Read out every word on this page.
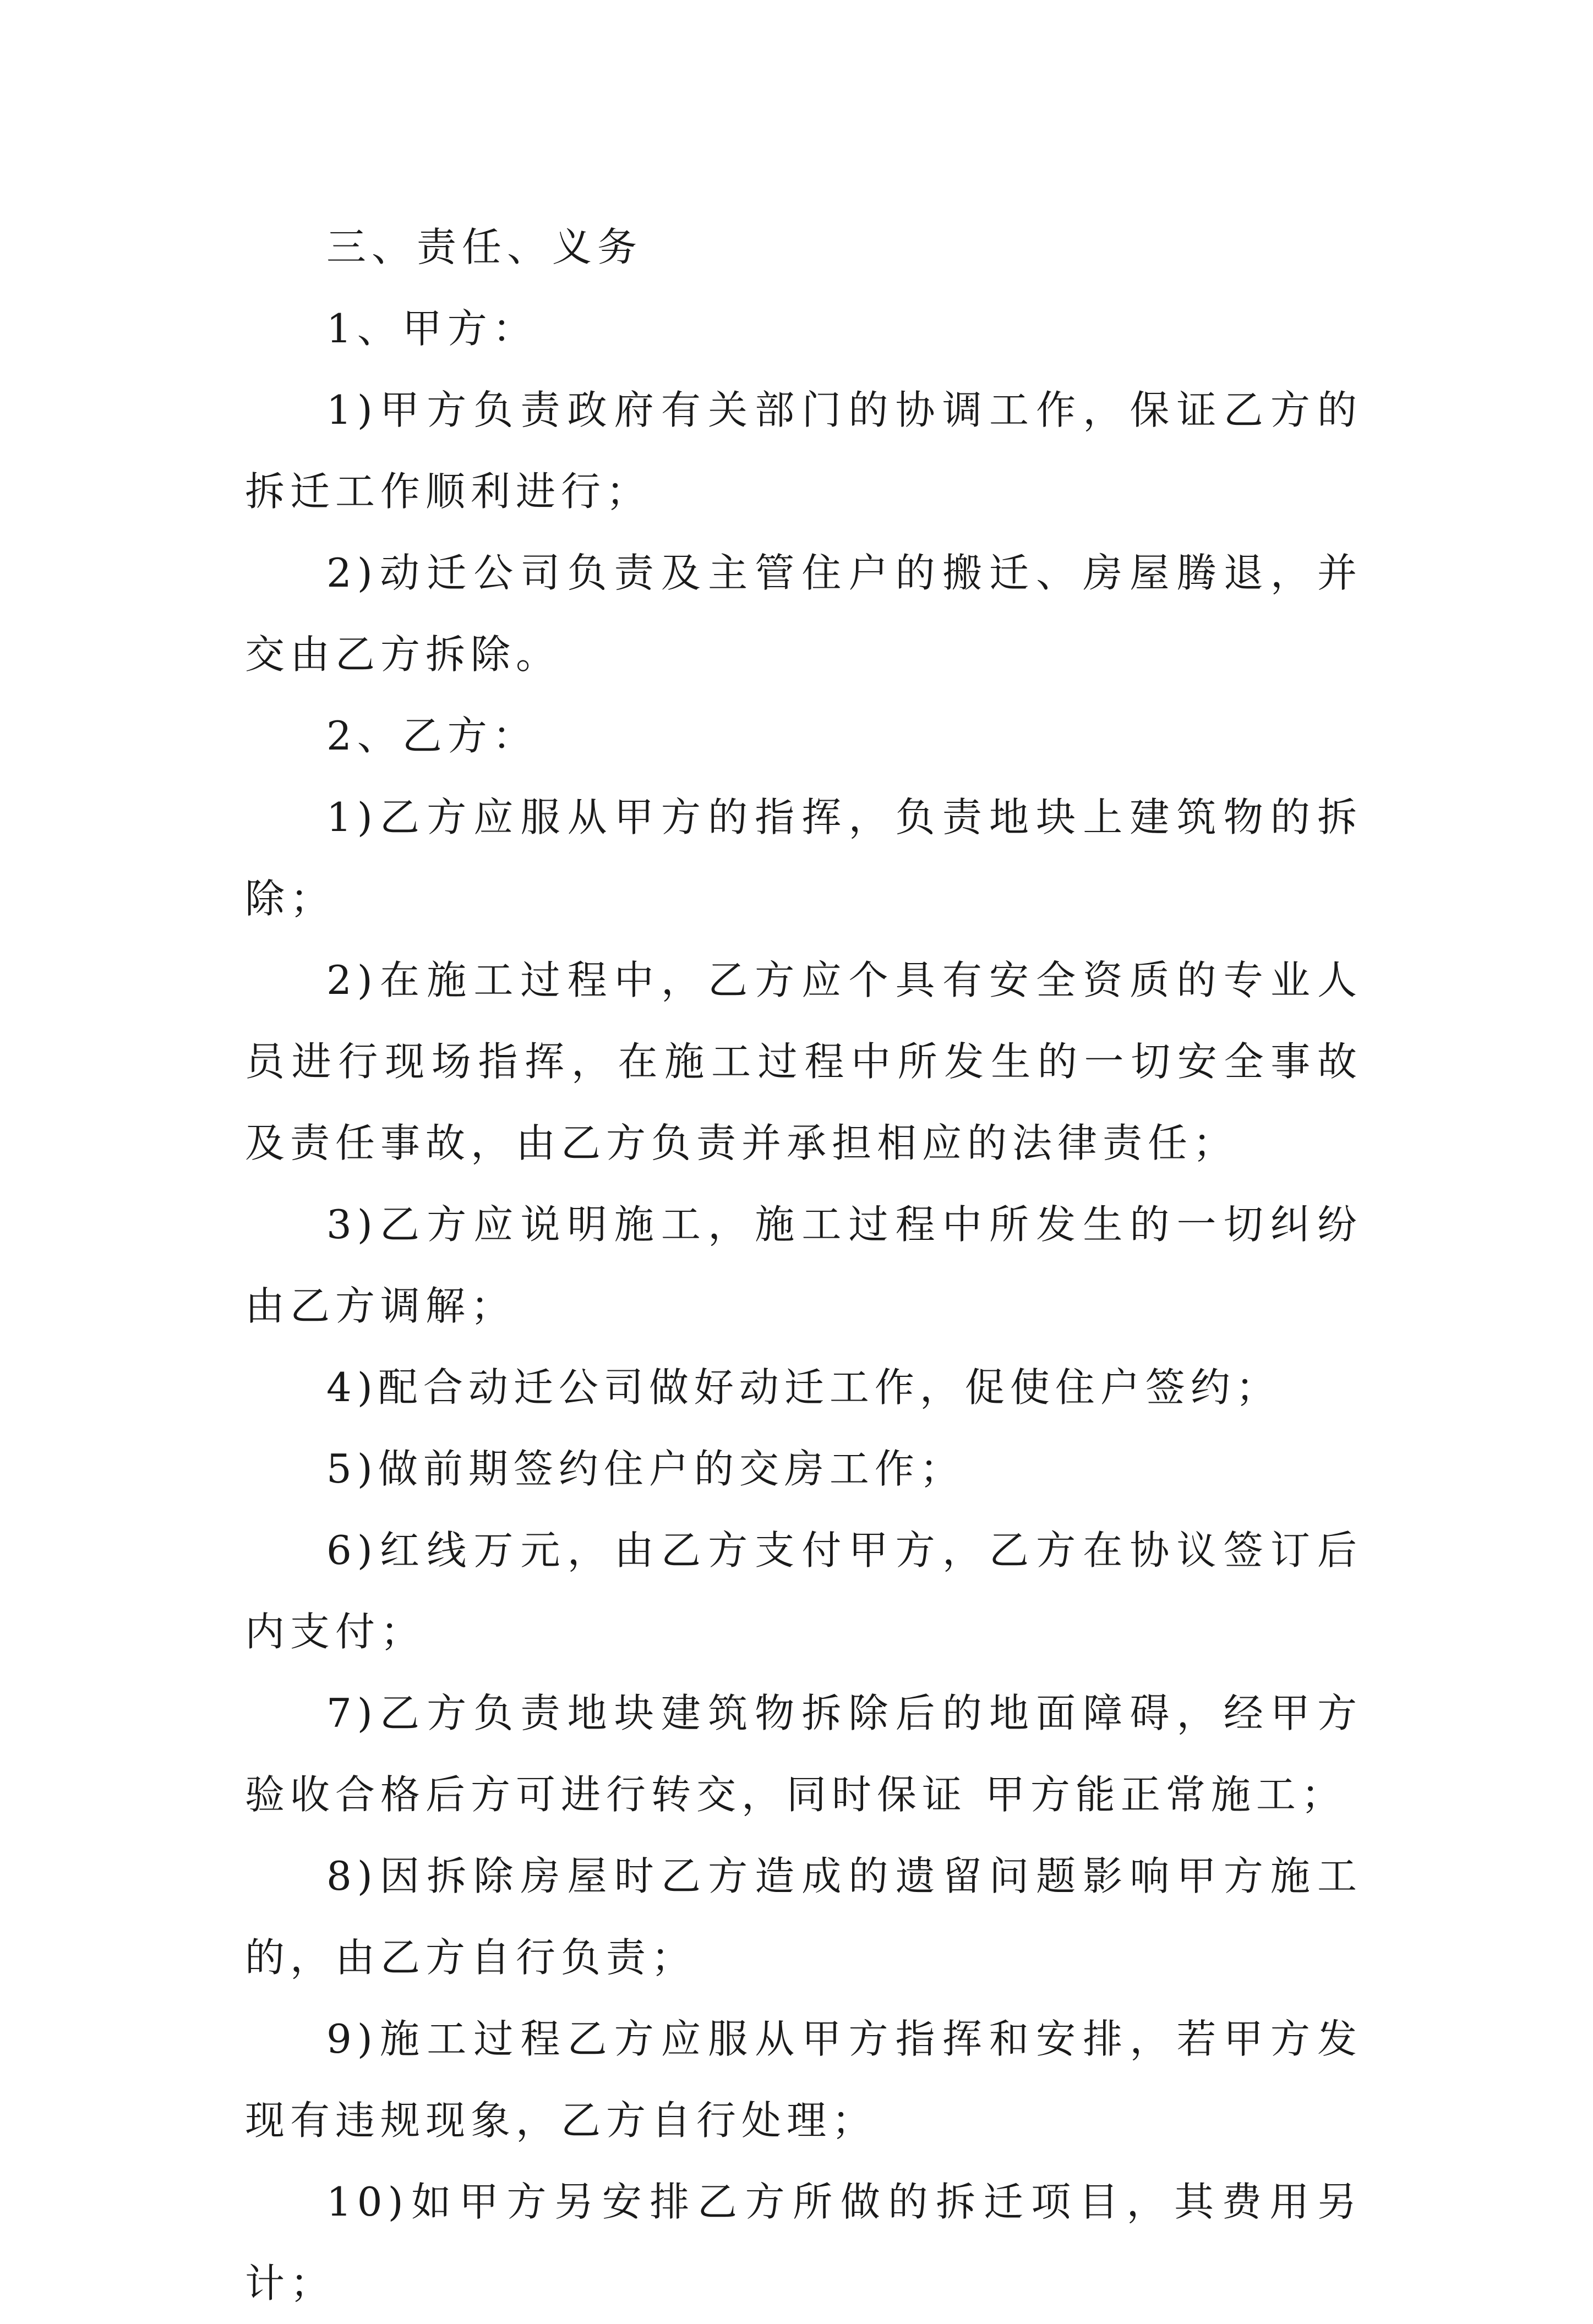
三、责任、义务

1、甲方：

1)甲方负责政府有关部门的协调工作，保证乙方的拆迁工作顺利进行；

2)动迁公司负责及主管住户的搬迁、房屋腾退，并交由乙方拆除。

2、乙方：

1)乙方应服从甲方的指挥，负责地块上建筑物的拆除；

2)在施工过程中，乙方应个具有安全资质的专业人员进行现场指挥，在施工过程中所发生的一切安全事故及责任事故，由乙方负责并承担相应的法律责任；

3)乙方应说明施工，施工过程中所发生的一切纠纷由乙方调解；

4)配合动迁公司做好动迁工作，促使住户签约；

5)做前期签约住户的交房工作；

6)红线万元，由乙方支付甲方，乙方在协议签订后 内支付；

7)乙方负责地块建筑物拆除后的地面障碍，经甲方验收合格后方可进行转交，同时保证 甲方能正常施工；

8)因拆除房屋时乙方造成的遗留问题影响甲方施工的，由乙方自行负责；

9)施工过程乙方应服从甲方指挥和安排，若甲方发现有违规现象，乙方自行处理；

10)如甲方另安排乙方所做的拆迁项目，其费用另计；
